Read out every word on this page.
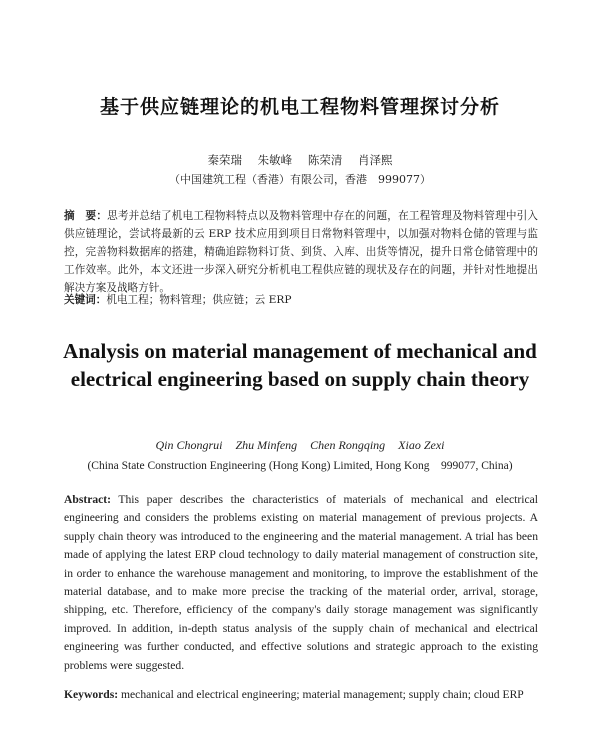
基于供应链理论的机电工程物料管理探讨分析
秦荣瑞 朱敏峰 陈荣清 肖泽熙
（中国建筑工程（香港）有限公司，香港　999077）
摘　要：思考并总结了机电工程物料特点以及物料管理中存在的问题，在工程管理及物料管理中引入供应链理论，尝试将最新的云 ERP 技术应用到项目日常物料管理中，以加强对物料仓储的管理与监控，完善物料数据库的搭建，精确追踪物料订货、到货、入库、出货等情况，提升日常仓储管理中的工作效率。此外，本文还进一步深入研究分析机电工程供应链的现状及存在的问题，并针对性地提出解决方案及战略方针。
关键词：机电工程；物料管理；供应链；云 ERP
Analysis on material management of mechanical and electrical engineering based on supply chain theory
Qin Chongrui Zhu Minfeng Chen Rongqing Xiao Zexi
(China State Construction Engineering (Hong Kong) Limited, Hong Kong　999077, China)
Abstract: This paper describes the characteristics of materials of mechanical and electrical engineering and considers the problems existing on material management of previous projects. A supply chain theory was introduced to the engineering and the material management. A trial has been made of applying the latest ERP cloud technology to daily material management of construction site, in order to enhance the warehouse management and monitoring, to improve the establishment of the material database, and to make more precise the tracking of the material order, arrival, storage, shipping, etc. Therefore, efficiency of the company's daily storage management was significantly improved. In addition, in-depth status analysis of the supply chain of mechanical and electrical engineering was further conducted, and effective solutions and strategic approach to the existing problems were suggested.
Keywords: mechanical and electrical engineering; material management; supply chain; cloud ERP
